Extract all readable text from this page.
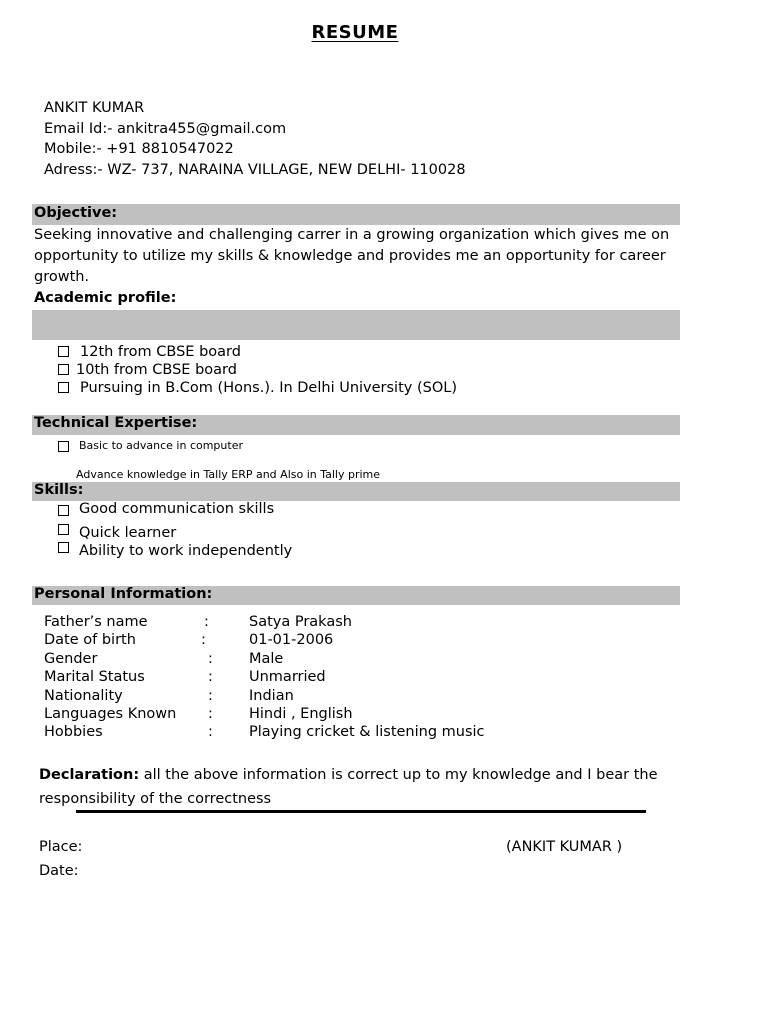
RESUME
ANKIT KUMAR
Email Id:- ankitra455@gmail.com
Mobile:- +91 8810547022
Adress:- WZ- 737, NARAINA VILLAGE, NEW DELHI- 110028
Objective:
Seeking innovative and challenging carrer in a growing organization which gives me on opportunity to utilize my skills & knowledge and provides me an opportunity for career growth.
Academic profile:
12th from CBSE board
10th from CBSE board
Pursuing in B.Com (Hons.). In Delhi University (SOL)
Technical Expertise:
Basic to advance in computer
Advance knowledge in Tally ERP and Also in Tally prime
Skills:
Good communication skills
Quick learner
Ability to work independently
Personal Information:
Father’s name	:	Satya Prakash
Date of birth	:	01-01-2006
Gender	: Male
Marital Status	: Unmarried
Nationality	: Indian
Languages Known : Hindi , English
Hobbies	: Playing cricket & listening music
Declaration: all the above information is correct up to my knowledge and I bear the responsibility of the correctness
Place:
Date:
(ANKIT KUMAR )
